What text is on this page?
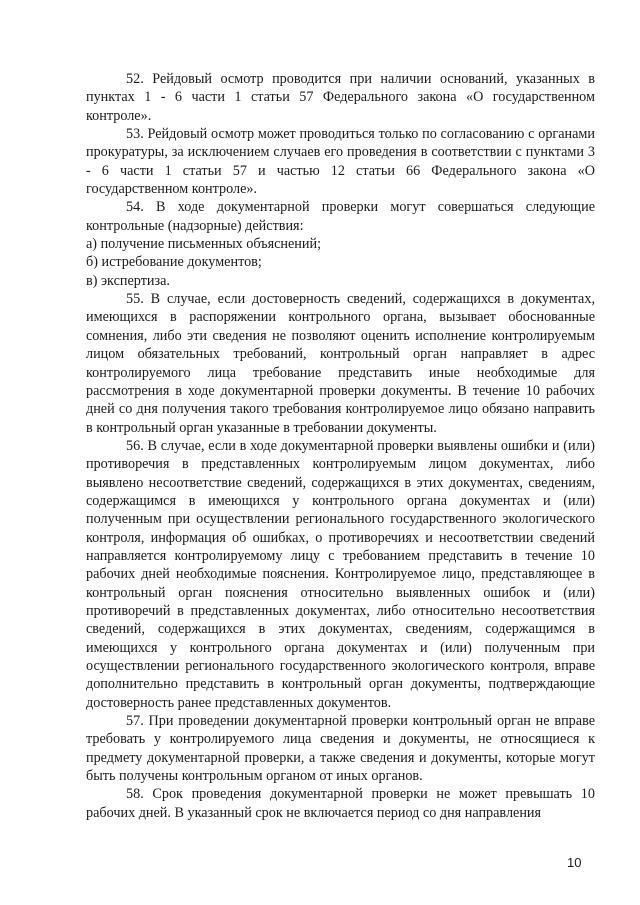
52. Рейдовый осмотр проводится при наличии оснований, указанных в пунктах 1 - 6 части 1 статьи 57 Федерального закона «О государственном контроле».

53. Рейдовый осмотр может проводиться только по согласованию с органами прокуратуры, за исключением случаев его проведения в соответствии с пунктами 3 - 6 части 1 статьи 57 и частью 12 статьи 66 Федерального закона «О государственном контроле».

54. В ходе документарной проверки могут совершаться следующие контрольные (надзорные) действия:

а) получение письменных объяснений;

б) истребование документов;

в) экспертиза.

55. В случае, если достоверность сведений, содержащихся в документах, имеющихся в распоряжении контрольного органа, вызывает обоснованные сомнения, либо эти сведения не позволяют оценить исполнение контролируемым лицом обязательных требований, контрольный орган направляет в адрес контролируемого лица требование представить иные необходимые для рассмотрения в ходе документарной проверки документы. В течение 10 рабочих дней со дня получения такого требования контролируемое лицо обязано направить в контрольный орган указанные в требовании документы.

56. В случае, если в ходе документарной проверки выявлены ошибки и (или) противоречия в представленных контролируемым лицом документах, либо выявлено несоответствие сведений, содержащихся в этих документах, сведениям, содержащимся в имеющихся у контрольного органа документах и (или) полученным при осуществлении регионального государственного экологического контроля, информация об ошибках, о противоречиях и несоответствии сведений направляется контролируемому лицу с требованием представить в течение 10 рабочих дней необходимые пояснения. Контролируемое лицо, представляющее в контрольный орган пояснения относительно выявленных ошибок и (или) противоречий в представленных документах, либо относительно несоответствия сведений, содержащихся в этих документах, сведениям, содержащимся в имеющихся у контрольного органа документах и (или) полученным при осуществлении регионального государственного экологического контроля, вправе дополнительно представить в контрольный орган документы, подтверждающие достоверность ранее представленных документов.

57. При проведении документарной проверки контрольный орган не вправе требовать у контролируемого лица сведения и документы, не относящиеся к предмету документарной проверки, а также сведения и документы, которые могут быть получены контрольным органом от иных органов.

58. Срок проведения документарной проверки не может превышать 10 рабочих дней. В указанный срок не включается период со дня направления

10
